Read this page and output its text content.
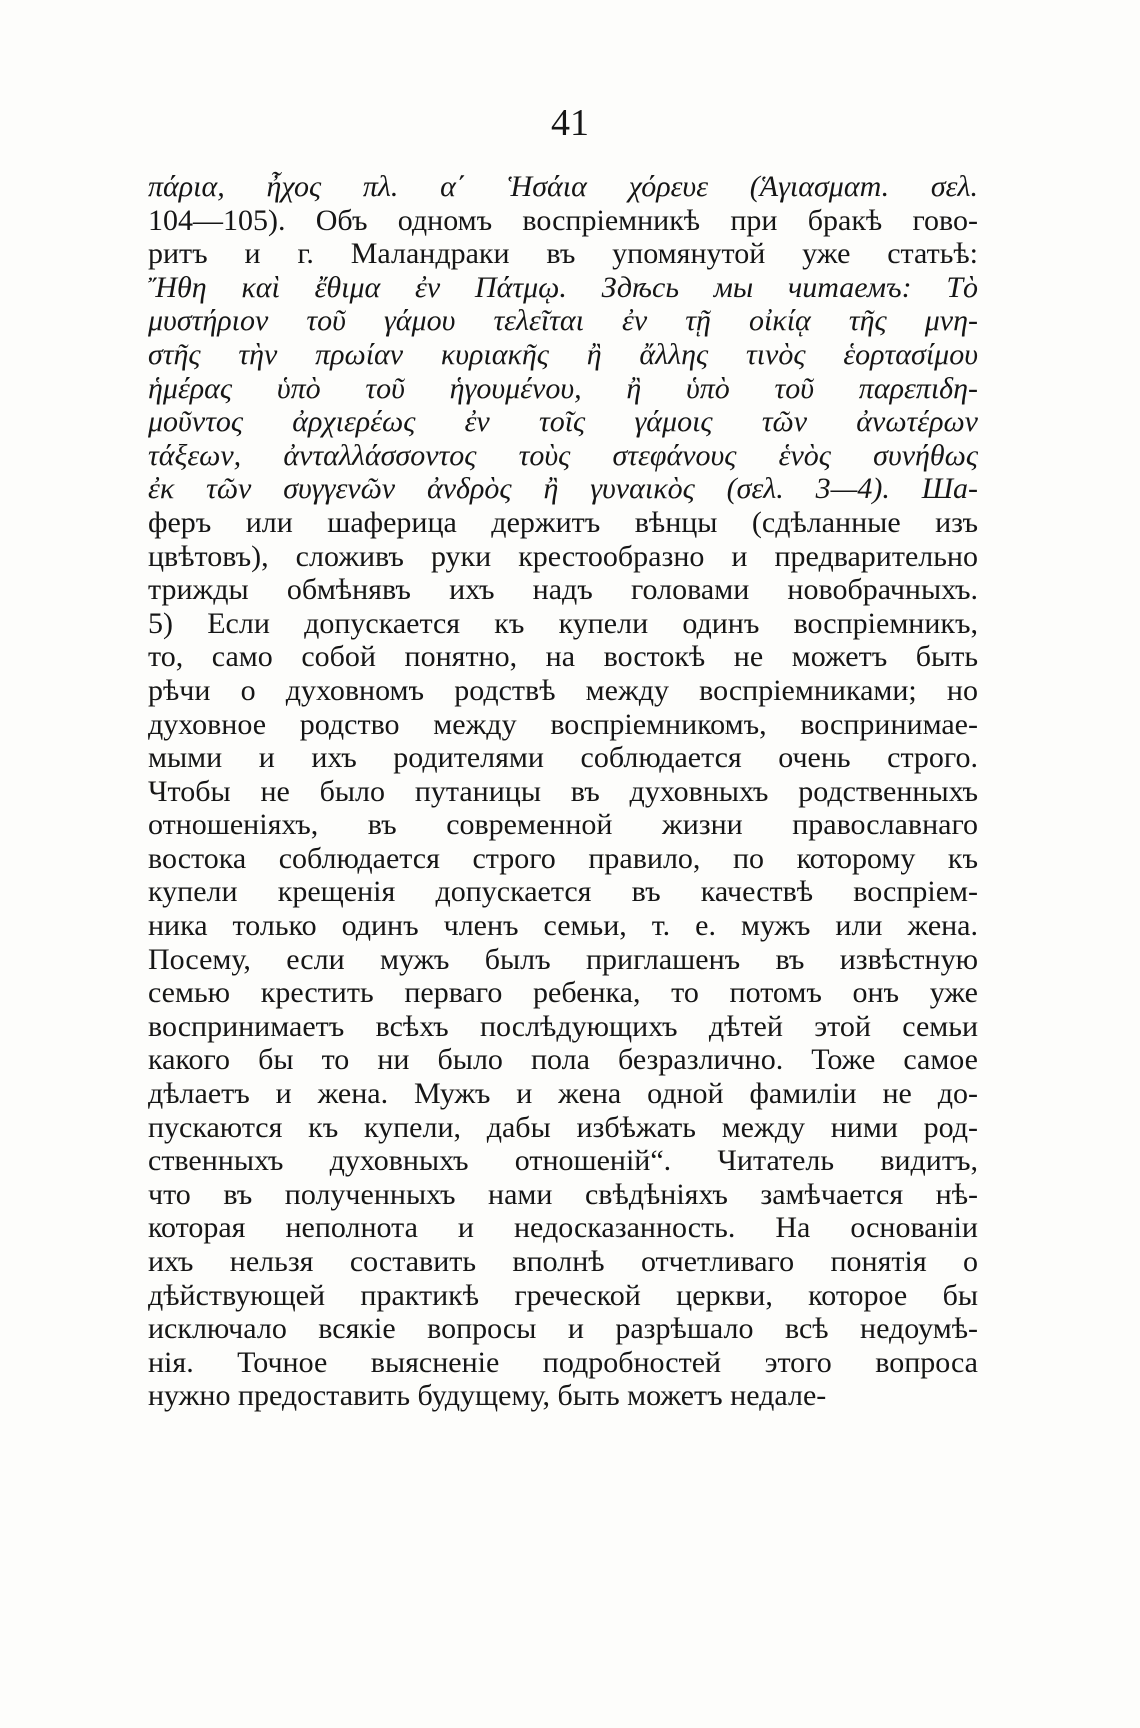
41
πάρια, ἦχος πλ. α΄ Ἡσάια χόρευε (Ἁγιασμαт. σελ.
104—105). Объ одномъ воспріемникѣ при бракѣ гово-
ритъ и г. Маландраки въ упомянутой уже статьѣ:
Ἤθη καὶ ἔθιμα ἐν Πάτμῳ. Здѣсь мы читаемъ: Τὸ
μυστήριον τοῦ γάμου τελεῖται ἐν τῇ οἰκίᾳ τῆς μνη-
στῆς τὴν πρωίαν κυριακῆς ἢ ἄλλης τινὸς ἑορτασίμου
ἡμέρας ὑπὸ τοῦ ἡγουμένου, ἢ ὑπὸ τοῦ παρεπιδη-
μοῦντος ἀρχιερέως ἐν τοῖς γάμοις τῶν ἀνωτέρων
τάξεων, ἀνταλλάσσοντος τοὺς στεφάνους ἑνὸς συνήθως
ἐκ τῶν συγγενῶν ἀνδρὸς ἢ γυναικὸς (σελ. 3—4). Ша-
феръ или шаферица держитъ вѣнцы (сдѣланные изъ
цвѣтовъ), сложивъ руки крестообразно и предварительно
трижды обмѣнявъ ихъ надъ головами новобрачныхъ.
5) Если допускается къ купели одинъ воспріемникъ,
то, само собой понятно, на востокѣ не можетъ быть
рѣчи о духовномъ родствѣ между воспріемниками; но
духовное родство между воспріемникомъ, воспринимае-
мыми и ихъ родителями соблюдается очень строго.
Чтобы не было путаницы въ духовныхъ родственныхъ
отношеніяхъ, въ современной жизни православнаго
востока соблюдается строго правило, по которому къ
купели крещенія допускается въ качествѣ воспріем-
ника только одинъ членъ семьи, т. е. мужъ или жена.
Посему, если мужъ былъ приглашенъ въ извѣстную
семью крестить перваго ребенка, то потомъ онъ уже
воспринимаетъ всѣхъ послѣдующихъ дѣтей этой семьи
какого бы то ни было пола безразлично. Тоже самое
дѣлаетъ и жена. Мужъ и жена одной фамиліи не до-
пускаются къ купели, дабы избѣжать между ними род-
ственныхъ духовныхъ отношеній“. Читатель видитъ,
что въ полученныхъ нами свѣдѣніяхъ замѣчается нѣ-
которая неполнота и недосказанность. На основаніи
ихъ нельзя составить вполнѣ отчетливаго понятія о
дѣйствующей практикѣ греческой церкви, которое бы
исключало всякіе вопросы и разрѣшало всѣ недоумѣ-
нія. Точное выясненіе подробностей этого вопроса
нужно предоставить будущему, быть можетъ недале-
